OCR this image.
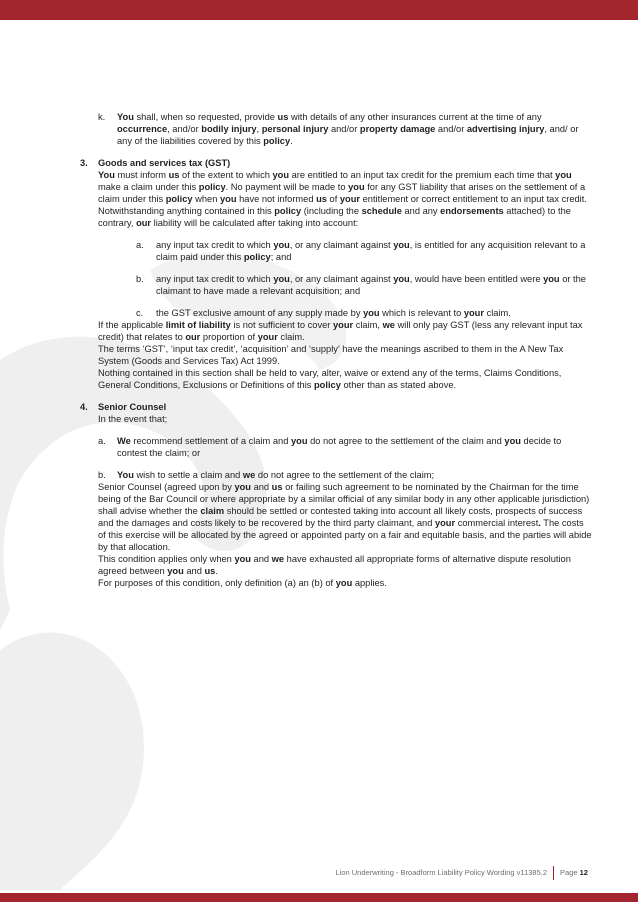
k. You shall, when so requested, provide us with details of any other insurances current at the time of any occurrence, and/or bodily injury, personal injury and/or property damage and/or advertising injury, and/ or any of the liabilities covered by this policy.

3. Goods and services tax (GST)

You must inform us of the extent to which you are entitled to an input tax credit for the premium each time that you make a claim under this policy. No payment will be made to you for any GST liability that arises on the settlement of a claim under this policy when you have not informed us of your entitlement or correct entitlement to an input tax credit.

Notwithstanding anything contained in this policy (including the schedule and any endorsements attached) to the contrary, our liability will be calculated after taking into account:

a. any input tax credit to which you, or any claimant against you, is entitled for any acquisition relevant to a claim paid under this policy; and

b. any input tax credit to which you, or any claimant against you, would have been entitled were you or the claimant to have made a relevant acquisition; and

c. the GST exclusive amount of any supply made by you which is relevant to your claim.

If the applicable limit of liability is not sufficient to cover your claim, we will only pay GST (less any relevant input tax credit) that relates to our proportion of your claim.

The terms ‘GST’, ‘input tax credit’, ‘acquisition’ and ‘supply’ have the meanings ascribed to them in the A New Tax System (Goods and Services Tax) Act 1999.

Nothing contained in this section shall be held to vary, alter, waive or extend any of the terms, Claims Conditions, General Conditions, Exclusions or Definitions of this policy other than as stated above.

4. Senior Counsel

In the event that;

a. We recommend settlement of a claim and you do not agree to the settlement of the claim and you decide to contest the claim; or

b. You wish to settle a claim and we do not agree to the settlement of the claim;

Senior Counsel (agreed upon by you and us or failing such agreement to be nominated by the Chairman for the time being of the Bar Council or where appropriate by a similar official of any similar body in any other applicable jurisdiction) shall advise whether the claim should be settled or contested taking into account all likely costs, prospects of success and the damages and costs likely to be recovered by the third party claimant, and your commercial interest. The costs of this exercise will be allocated by the agreed or appointed party on a fair and equitable basis, and the parties will abide by that allocation.

This condition applies only when you and we have exhausted all appropriate forms of alternative dispute resolution agreed between you and us.

For purposes of this condition, only definition (a) an (b) of you applies.

Lion Underwriting - Broadform Liability Policy Wording v11385.2 Page 12
